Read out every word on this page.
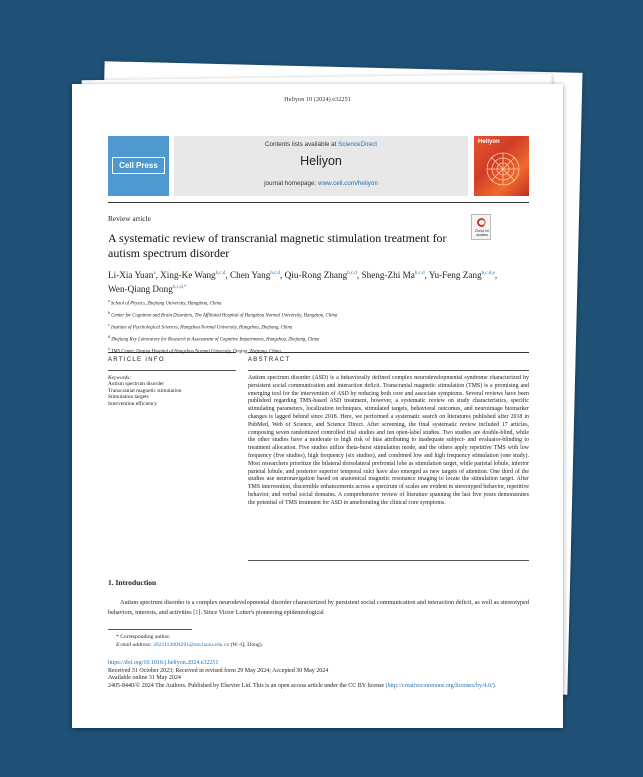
Heliyon 10 (2024) e32251
Cell Press
Contents lists available at ScienceDirect
Heliyon
journal homepage: www.cell.com/heliyon
Heliyon
Review article
Check for updates
A systematic review of transcranial magnetic stimulation treatment for autism spectrum disorder
Li-Xia Yuan$^a$, Xing-Ke Wang$^{b,c,d}$, Chen Yang$^{b,c,d}$, Qiu-Rong Zhang$^{b,c,d}$, Sheng-Zhi Ma$^{b,c,d}$, Yu-Feng Zang$^{b,c,d,e}$, Wen-Qiang Dong$^{b,c,d,*}$
$^a$ School of Physics, Zhejiang University, Hangzhou, China
$^b$ Center for Cognition and Brain Disorders, The Affiliated Hospital of Hangzhou Normal University, Hangzhou, China
$^c$ Institute of Psychological Sciences, Hangzhou Normal University, Hangzhou, Zhejiang, China
$^d$ Zhejiang Key Laboratory for Research in Assessment of Cognitive Impairments, Hangzhou, Zhejiang, China
$^e$ TMS Center, Deqing Hospital of Hangzhou Normal University, Deqing, Zhejiang, China
ARTICLE INFO	ABSTRACT
Keywords:
Autism spectrum disorder
Transcranial magnetic stimulation
Stimulation targets
Intervention efficiency
Autism spectrum disorder (ASD) is a behaviorally defined complex neurodevelopmental syndrome characterized by persistent social communication and interaction deficit. Transcranial magnetic stimulation (TMS) is a promising and emerging tool for the intervention of ASD by reducing both core and associate symptoms. Several reviews have been published regarding TMS-based ASD treatment, however, a systematic review on study characteristics, specific stimulating parameters, localization techniques, stimulated targets, behavioral outcomes, and neuroimage biomarker changes is lagged behind since 2018. Here, we performed a systematic search on literatures published after 2018 in PubMed, Web of Science, and Science Direct. After screening, the final systematic review included 17 articles, composing seven randomized controlled trial studies and ten open-label studies. Two studies are double-blind, while the other studies have a moderate to high risk of bias attributing to inadequate subject- and evaluator-blinding to treatment allocation. Five studies utilize theta-burst stimulation mode, and the others apply repetitive TMS with low frequency (five studies), high frequency (six studies), and combined low and high frequency stimulation (one study). Most researchers prioritize the bilateral dorsolateral prefrontal lobe as stimulation target, while parietal lobule, inferior parietal lobule, and posterior superior temporal sulci have also emerged as new targets of attention. One third of the studies use neuronavigation based on anatomical magnetic resonance imaging to locate the stimulation target. After TMS intervention, discernible enhancements across a spectrum of scales are evident in stereotyped behavior, repetitive behavior, and verbal social domains. A comprehensive review of literature spanning the last five years demonstrates the potential of TMS treatment for ASD in ameliorating the clinical core symptoms.
1. Introduction
Autism spectrum disorder is a complex neurodevelopmental disorder characterized by persistent social communication and interaction deficit, as well as stereotyped behaviors, interests, and activities [1]. Since Victor Lotter's pioneering epidemiological
* Corresponding author.
E-mail address: 2021112004201@stu.hznu.edu.cn (W.-Q. Dong).
https://doi.org/10.1016/j.heliyon.2024.e32251
Received 31 October 2023; Received in revised form 29 May 2024; Accepted 30 May 2024
Available online 31 May 2024
2405-8440/© 2024 The Authors. Published by Elsevier Ltd. This is an open access article under the CC BY license (http://creativecommons.org/licenses/by/4.0/).
